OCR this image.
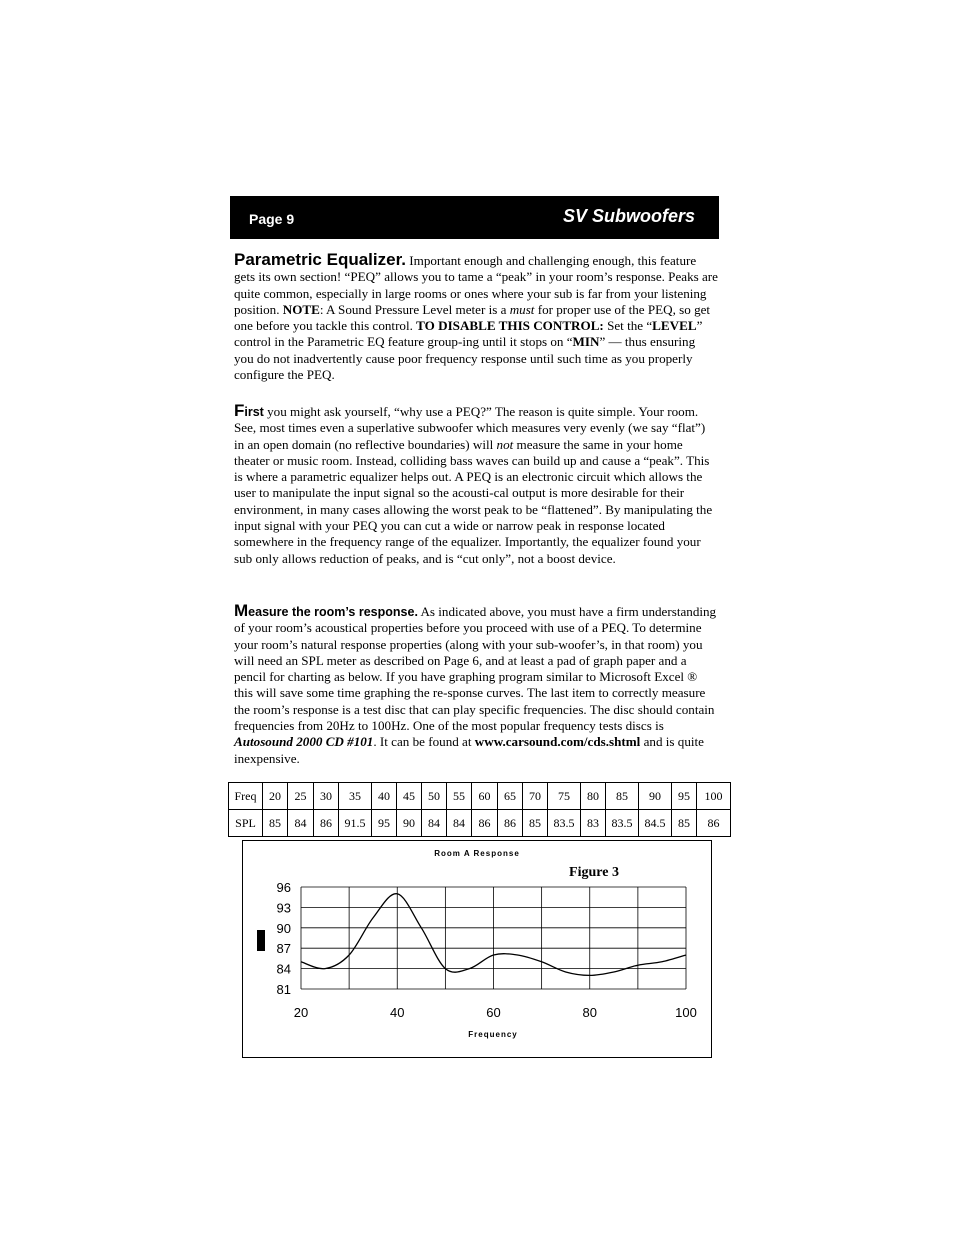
Page 9	SV Subwoofers

Parametric Equalizer. Important enough and challenging enough, this feature gets its own section! “PEQ” allows you to tame a “peak” in your room’s response. Peaks are quite common, especially in large rooms or ones where your sub is far from your listening position. NOTE: A Sound Pressure Level meter is a must for proper use of the PEQ, so get one before you tackle this control. TO DISABLE THIS CONTROL: Set the “LEVEL” control in the Parametric EQ feature group-ing until it stops on “MIN” — thus ensuring you do not inadvertently cause poor frequency response until such time as you properly configure the PEQ.

First you might ask yourself, “why use a PEQ?” The reason is quite simple. Your room. See, most times even a superlative subwoofer which measures very evenly (we say “flat”) in an open domain (no reflective boundaries) will not measure the same in your home theater or music room. Instead, colliding bass waves can build up and cause a “peak”. This is where a parametric equalizer helps out. A PEQ is an electronic circuit which allows the user to manipulate the input signal so the acousti-cal output is more desirable for their environment, in many cases allowing the worst peak to be “flattened”. By manipulating the input signal with your PEQ you can cut a wide or narrow peak in response located somewhere in the frequency range of the equalizer. Importantly, the equalizer found your sub only allows reduction of peaks, and is “cut only”, not a boost device.

Measure the room’s response. As indicated above, you must have a firm understanding of your room’s acoustical properties before you proceed with use of a PEQ. To determine your room’s natural response properties (along with your sub-woofer’s, in that room) you will need an SPL meter as described on Page 6, and at least a pad of graph paper and a pencil for charting as below. If you have graphing program similar to Microsoft Excel ® this will save some time graphing the re-sponse curves. The last item to correctly measure the room’s response is a test disc that can play specific frequencies. The disc should contain frequencies from 20Hz to 100Hz. One of the most popular frequency tests discs is Autosound 2000 CD #101. It can be found at www.carsound.com/cds.shtml and is quite inexpensive.

Freq	20	25	30	35	40	45	50	55	60	65	70	75	80	85	90	95	100
SPL	85	84	86	91.5	95	90	84	84	86	86	85	83.5	83	83.5	84.5	85	86
Room A Response
Figure 3
Frequency
96
93
90
87
84
81
20	40	60	80	100
